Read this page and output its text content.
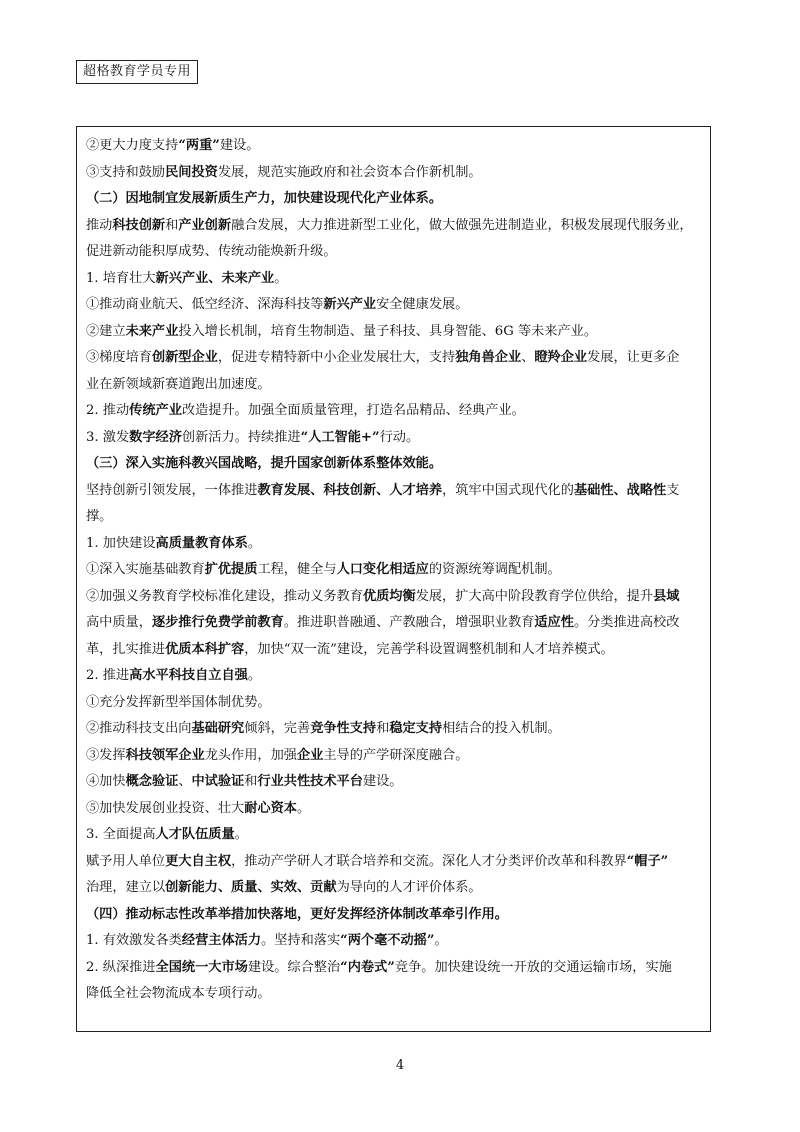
超格教育学员专用
②更大力度支持“两重”建设。
③支持和鼓励民间投资发展，规范实施政府和社会资本合作新机制。
（二）因地制宜发展新质生产力，加快建设现代化产业体系。
推动科技创新和产业创新融合发展，大力推进新型工业化，做大做强先进制造业，积极发展现代服务业，
促进新动能积厚成势、传统动能焕新升级。
1. 培育壮大新兴产业、未来产业。
①推动商业航天、低空经济、深海科技等新兴产业安全健康发展。
②建立未来产业投入增长机制，培育生物制造、量子科技、具身智能、6G 等未来产业。
③梯度培育创新型企业，促进专精特新中小企业发展壮大，支持独角兽企业、瞪羚企业发展，让更多企
业在新领域新赛道跑出加速度。
2. 推动传统产业改造提升。加强全面质量管理，打造名品精品、经典产业。
3. 激发数字经济创新活力。持续推进“人工智能+”行动。
（三）深入实施科教兴国战略，提升国家创新体系整体效能。
坚持创新引领发展，一体推进教育发展、科技创新、人才培养，筑牢中国式现代化的基础性、战略性支
撑。
1. 加快建设高质量教育体系。
①深入实施基础教育扩优提质工程，健全与人口变化相适应的资源统筹调配机制。
②加强义务教育学校标准化建设，推动义务教育优质均衡发展，扩大高中阶段教育学位供给，提升县域
高中质量，逐步推行免费学前教育。推进职普融通、产教融合，增强职业教育适应性。分类推进高校改
革，扎实推进优质本科扩容，加快“双一流”建设，完善学科设置调整机制和人才培养模式。
2. 推进高水平科技自立自强。
①充分发挥新型举国体制优势。
②推动科技支出向基础研究倾斜，完善竞争性支持和稳定支持相结合的投入机制。
③发挥科技领军企业龙头作用，加强企业主导的产学研深度融合。
④加快概念验证、中试验证和行业共性技术平台建设。
⑤加快发展创业投资、壮大耐心资本。
3. 全面提高人才队伍质量。
赋予用人单位更大自主权，推动产学研人才联合培养和交流。深化人才分类评价改革和科教界“帽子”
治理，建立以创新能力、质量、实效、贡献为导向的人才评价体系。
（四）推动标志性改革举措加快落地，更好发挥经济体制改革牵引作用。
1. 有效激发各类经营主体活力。坚持和落实“两个毫不动摇”。
2. 纵深推进全国统一大市场建设。综合整治“内卷式”竞争。加快建设统一开放的交通运输市场，实施
降低全社会物流成本专项行动。
4
